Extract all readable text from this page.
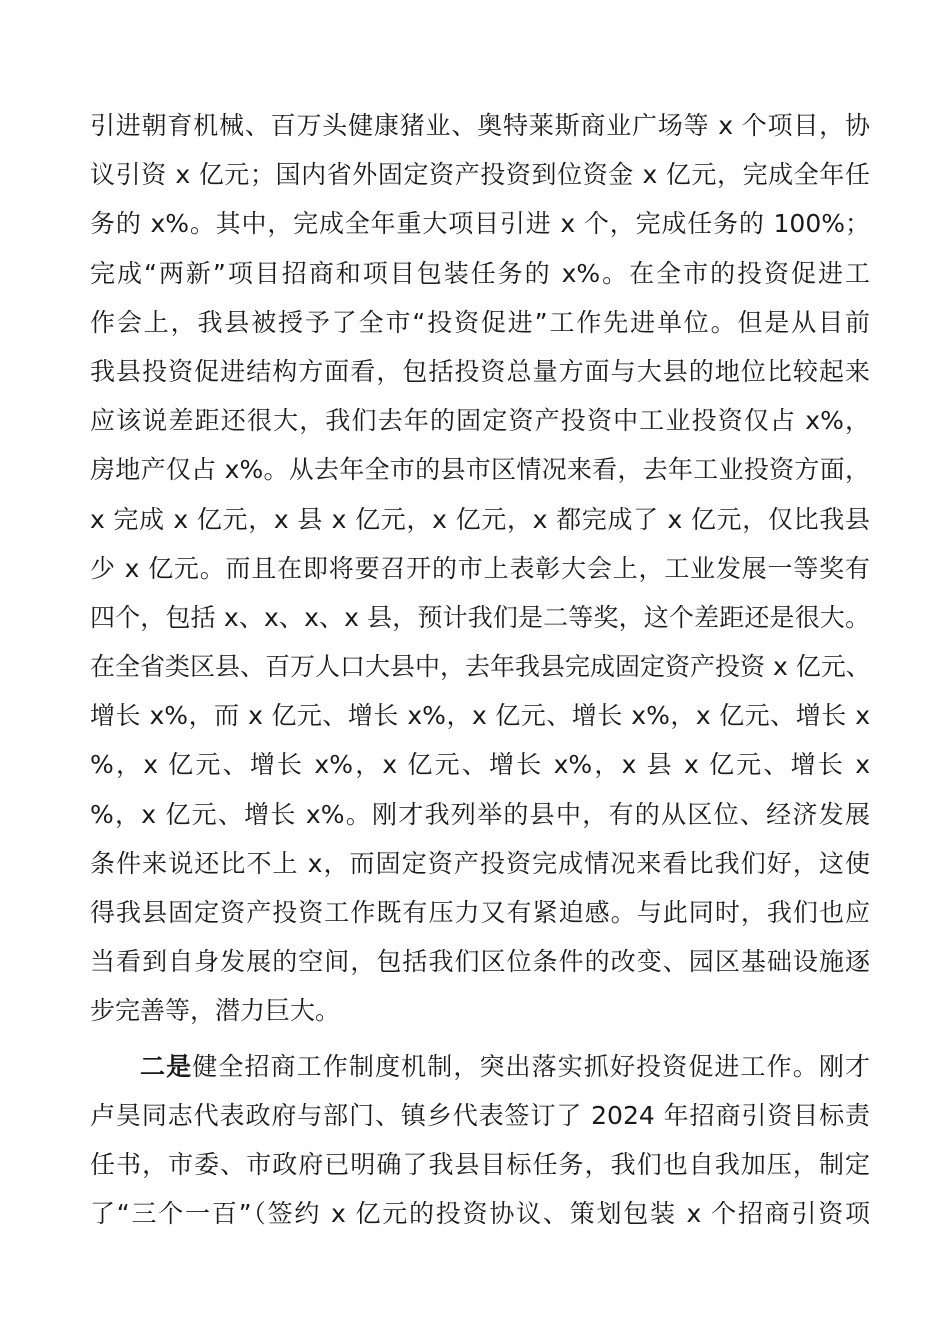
引进朝育机械、百万头健康猪业、奥特莱斯商业广场等 x 个项目，协
议引资 x 亿元；国内省外固定资产投资到位资金 x 亿元，完成全年任
务的 x%。其中，完成全年重大项目引进 x 个，完成任务的 100%；
完成“两新”项目招商和项目包装任务的 x%。在全市的投资促进工
作会上，我县被授予了全市“投资促进”工作先进单位。但是从目前
我县投资促进结构方面看，包括投资总量方面与大县的地位比较起来
应该说差距还很大，我们去年的固定资产投资中工业投资仅占 x%，
房地产仅占 x%。从去年全市的县市区情况来看，去年工业投资方面，
x 完成 x 亿元，x 县 x 亿元，x 亿元，x 都完成了 x 亿元，仅比我县
少 x 亿元。而且在即将要召开的市上表彰大会上，工业发展一等奖有
四个，包括 x、x、x、x 县，预计我们是二等奖，这个差距还是很大。
在全省类区县、百万人口大县中，去年我县完成固定资产投资 x 亿元、
增长 x%，而 x 亿元、增长 x%，x 亿元、增长 x%，x 亿元、增长 x
%，x 亿元、增长 x%，x 亿元、增长 x%，x 县 x 亿元、增长 x
%，x 亿元、增长 x%。刚才我列举的县中，有的从区位、经济发展
条件来说还比不上 x，而固定资产投资完成情况来看比我们好，这使
得我县固定资产投资工作既有压力又有紧迫感。与此同时，我们也应
当看到自身发展的空间，包括我们区位条件的改变、园区基础设施逐
步完善等，潜力巨大。
二是健全招商工作制度机制，突出落实抓好投资促进工作。刚才
卢昊同志代表政府与部门、镇乡代表签订了 2024 年招商引资目标责
任书，市委、市政府已明确了我县目标任务，我们也自我加压，制定
了“三个一百”（签约 x 亿元的投资协议、策划包装 x 个招商引资项
